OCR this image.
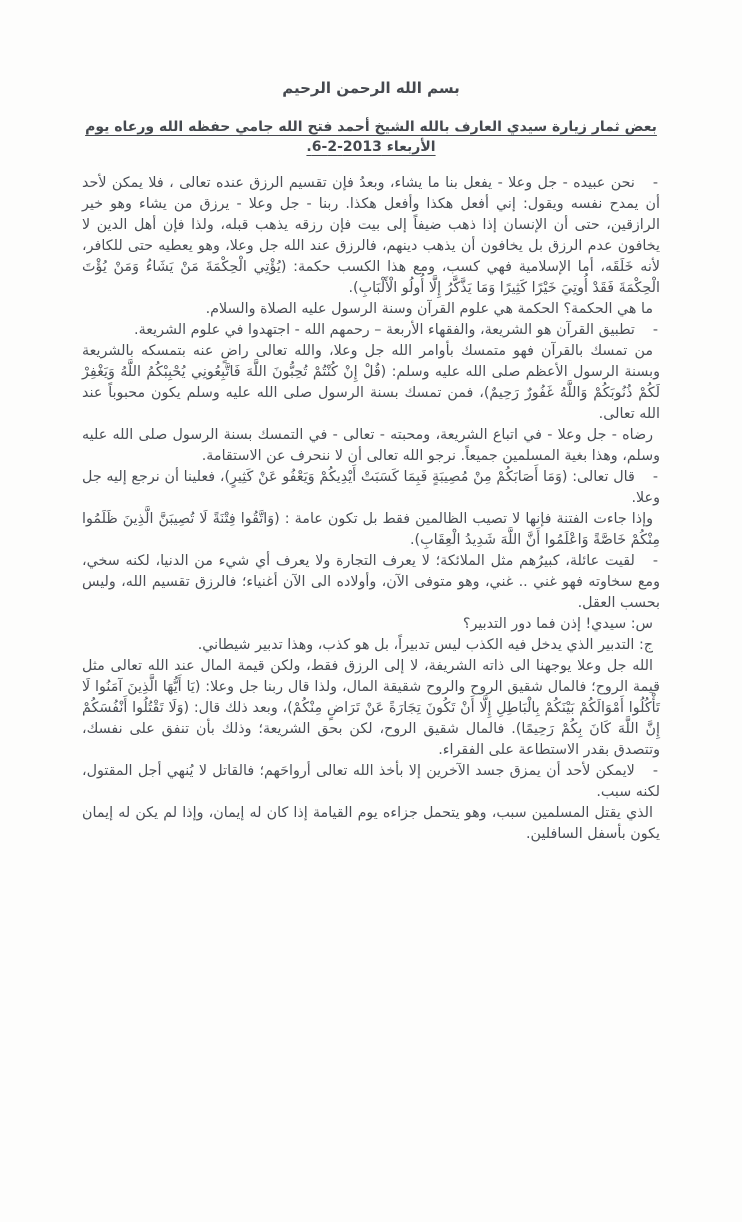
بسم الله الرحمن الرحيم
بعض ثمار زيارة سيدي العارف بالله الشيخ أحمد فتح الله جامي حفظه الله ورعاه يوم الأربعاء 2013-2-6.

-نحن عبيده - جل وعلا - يفعل بنا ما يشاء، وبعدُ فإن تقسيم الرزق عنده تعالى ، فلا يمكن لأحد أن يمدح نفسه ويقول: إني أفعل هكذا وأفعل هكذا. ربنا - جل وعلا - يرزق من يشاء وهو خير الرازقين، حتى أن الإنسان إذا ذهب ضيفاً إلى بيت فإن رزقه يذهب قبله، ولذا فإن أهل الدين لا يخافون عدم الرزق بل يخافون أن يذهب دينهم، فالرزق عند الله جل وعلا، وهو يعطيه حتى للكافر، لأنه خَلَقَه، أما الإسلامية فهي كسب، ومع هذا الكسب حكمة: (يُؤْتِي الْحِكْمَةَ مَنْ يَشَاءُ وَمَنْ يُؤْتَ الْحِكْمَةَ فَقَدْ أُوتِيَ خَيْرًا كَثِيرًا وَمَا يَذَّكَّرُ إِلَّا أُولُو الْأَلْبَابِ).

ما هي الحكمة؟ الحكمة هي علوم القرآن وسنة الرسول عليه الصلاة والسلام.

-تطبيق القرآن هو الشريعة، والفقهاء الأربعة – رحمهم الله - اجتهدوا في علوم الشريعة.

من تمسك بالقرآن فهو متمسك بأوامر الله جل وعلا، والله تعالى راضٍ عنه بتمسكه بالشريعة وبسنة الرسول الأعظم صلى الله عليه وسلم: (قُلْ إِنْ كُنْتُمْ تُحِبُّونَ اللَّهَ فَاتَّبِعُونِي يُحْبِبْكُمُ اللَّهُ وَيَغْفِرْ لَكُمْ ذُنُوبَكُمْ وَاللَّهُ غَفُورٌ رَحِيمٌ)، فمن تمسك بسنة الرسول صلى الله عليه وسلم يكون محبوباً عند الله تعالى.

رضاه - جل وعلا - في اتباع الشريعة، ومحبته - تعالى - في التمسك بسنة الرسول صلى الله عليه وسلم، وهذا بغية المسلمين جميعاً. نرجو الله تعالى أن لا ننحرف عن الاستقامة.

-قال تعالى: (وَمَا أَصَابَكُمْ مِنْ مُصِيبَةٍ فَبِمَا كَسَبَتْ أَيْدِيكُمْ وَيَعْفُو عَنْ كَثِيرٍ)، فعلينا أن نرجع إليه جل وعلا.

وإذا جاءت الفتنة فإنها لا تصيب الظالمين فقط بل تكون عامة : (وَاتَّقُوا فِتْنَةً لَا تُصِيبَنَّ الَّذِينَ ظَلَمُوا مِنْكُمْ خَاصَّةً وَاعْلَمُوا أَنَّ اللَّهَ شَدِيدُ الْعِقَابِ).

-لقيت عائلة، كبيرُهم مثل الملائكة؛ لا يعرف التجارة ولا يعرف أي شيء من الدنيا، لكنه سخي، ومع سخاوته فهو غني .. غني، وهو متوفى الآن، وأولاده الى الآن أغنياء؛ فالرزق تقسيم الله، وليس بحسب العقل.

س: سيدي! إذن فما دور التدبير؟

ج: التدبير الذي يدخل فيه الكذب ليس تدبيراً، بل هو كذب، وهذا تدبير شيطاني.

الله جل وعلا يوجهنا الى ذاته الشريفة، لا إلى الرزق فقط، ولكن قيمة المال عند الله تعالى مثل قيمة الروح؛ فالمال شقيق الروح والروح شقيقة المال، ولذا قال ربنا جل وعلا: (يَا أَيُّهَا الَّذِينَ آمَنُوا لَا تَأْكُلُوا أَمْوَالَكُمْ بَيْنَكُمْ بِالْبَاطِلِ إِلَّا أَنْ تَكُونَ تِجَارَةً عَنْ تَرَاضٍ مِنْكُمْ)، وبعد ذلك قال: (وَلَا تَقْتُلُوا أَنْفُسَكُمْ إِنَّ اللَّهَ كَانَ بِكُمْ رَحِيمًا). فالمال شقيق الروح، لكن بحق الشريعة؛ وذلك بأن تنفق على نفسك، وتتصدق بقدر الاستطاعة على الفقراء.

-لايمكن لأحد أن يمزق جسد الآخرين إلا بأخذ الله تعالى أرواحَهم؛ فالقاتل لا يُنهي أجل المقتول، لكنه سبب.

الذي يقتل المسلمين سبب، وهو يتحمل جزاءه يوم القيامة إذا كان له إيمان، وإذا لم يكن له إيمان يكون بأسفل السافلين.
